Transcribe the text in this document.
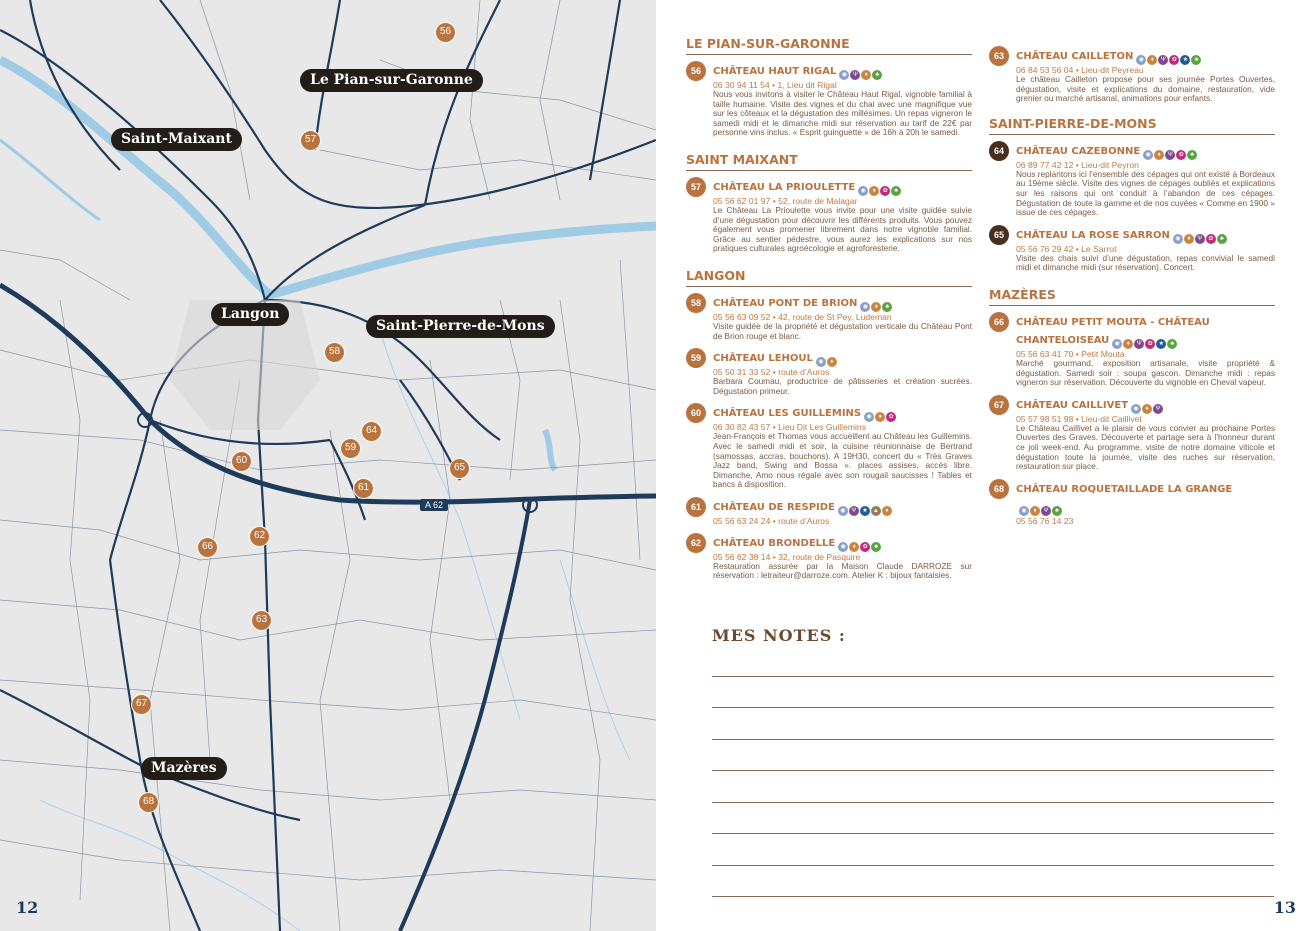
Le Pian-sur-Garonne
Saint-Maixant
Langon
Saint-Pierre-de-Mons
Mazères
A 62
56
57
58
59
60
61
62
63
64
65
66
67
68
12
LE PIAN-SUR-GARONNE
56	CHÂTEAU HAUT RIGAL ◉ Ψ	♦	♣
06 30 94 11 54 • 1, Lieu dit Rigal
Nous vous invitons à visiter le Château Haut Rigal, vignoble familial à taille humaine. Visite des vignes et du chai avec une magnifique vue sur les côteaux et la dégustation des millésimes. Un repas vigneron le samedi midi et le dimanche midi sur réservation au tarif de 22€ par personne vins inclus. « Esprit guinguette » de 16h à 20h le samedi.
SAINT MAIXANT
57	CHÂTEAU LA PRIOULETTE ◉	♦	✿	♣
05 56 62 01 97 • 52, route de Malagar
Le Château La Prioulette vous invite pour une visite guidée suivie d’une dégustation pour découvrir les différents produits. Vous pouvez également vous promener librement dans notre vignoble familial. Grâce au sentier pédestre, vous aurez les explications sur nos pratiques culturales agroécologie et agroforesterie.
LANGON
58	CHÂTEAU PONT DE BRION ◉	♦	♣
05 56 63 09 52 • 42, route de St Pey, Ludeman
Visite guidée de la propriété et dégustation verticale du Château Pont de Brion rouge et blanc.
59	CHÂTEAU LEHOUL ◉	♦
05 50 31 33 52 • route d’Auros
Barbara Coumau, productrice de pâtisseries et création sucrées. Dégustation primeur.
60	CHÂTEAU LES GUILLEMINS ◉	♦	✿
06 30 82 43 57 • Lieu Dit Les Guillemins
Jean-François et Thomas vous accueillent au Château les Guillemins. Avec le samedi midi et soir, la cuisine réunionnaise de Bertrand (samossas, accras, bouchons). A 19H30, concert du « Très Graves Jazz band, Swing and Bossa ». places assises, accès libre. Dimanche, Amo nous régale avec son rougail saucisses ! Tables et bancs à disposition.
61	CHÂTEAU DE RESPIDE ◉ Ψ ★ ▲	♦
05 56 63 24 24 • route d’Auros
62	CHÂTEAU BRONDELLE ◉	♦	✿	♣
05 56 62 38 14 • 32, route de Pasquire
Restauration assurée par la Maison Claude DARROZE sur réservation : letraiteur@darroze.com. Atelier K : bijoux fantaisies.
63	CHÂTEAU CAILLETON ◉	♦	Ψ ✿ ★	♣
06 84 53 56 04 • Lieu-dit Peyreau
Le château Cailleton propose pour ses journée Portes Ouvertes, dégustation, visite et explications du domaine, restauration, vide grenier ou marché artisanal, animations pour enfants.
SAINT-PIERRE-DE-MONS
64	CHÂTEAU CAZEBONNE ◉	♦	Ψ ✿	♣
06 89 77 42 12 • Lieu-dit Peyron
Nous replantons ici l’ensemble des cépages qui ont existé à Bordeaux au 19ème siècle. Visite des vignes de cépages oubliés et explications sur les raisons qui ont conduit à l’abandon de ces cépages. Dégustation de toute la gamme et de nos cuvées « Comme en 1900 » issue de ces cépages.
65	CHÂTEAU LA ROSE SARRON ◉	♦	Ψ ✿	♣
05 56 76 29 42 • Le Sarrot
Visite des chais suivi d’une dégustation, repas convivial le samedi midi et dimanche midi (sur réservation). Concert.
MAZÈRES
66	CHÂTEAU PETIT MOUTA - CHÂTEAU CHANTELOISEAU ◉	♦	Ψ ✿ ★	♣
05 56 63 41 70 • Petit Mouta
Marché gourmand, exposition artisanale, visite propriété & dégustation. Samedi soir : soupa gascon. Dimanche midi : repas vigneron sur réservation. Découverte du vignoble en Cheval vapeur.
67	CHÂTEAU CAILLIVET ◉	♦	Ψ
05 57 98 51 98 • Lieu-dit Caillivet
Le Château Caillivet a le plaisir de vous convier au prochaine Portes Ouvertes des Graves. Découverte et partage sera à l’honneur durant ce joli week-end. Au programme, visite de notre domaine viticole et dégustation toute la journée, visite des ruches sur réservation, restauration sur place.
68	CHÂTEAU ROQUETAILLADE LA GRANGE
◉	♦	Ψ	♣
05 56 76 14 23
MES NOTES :
13
